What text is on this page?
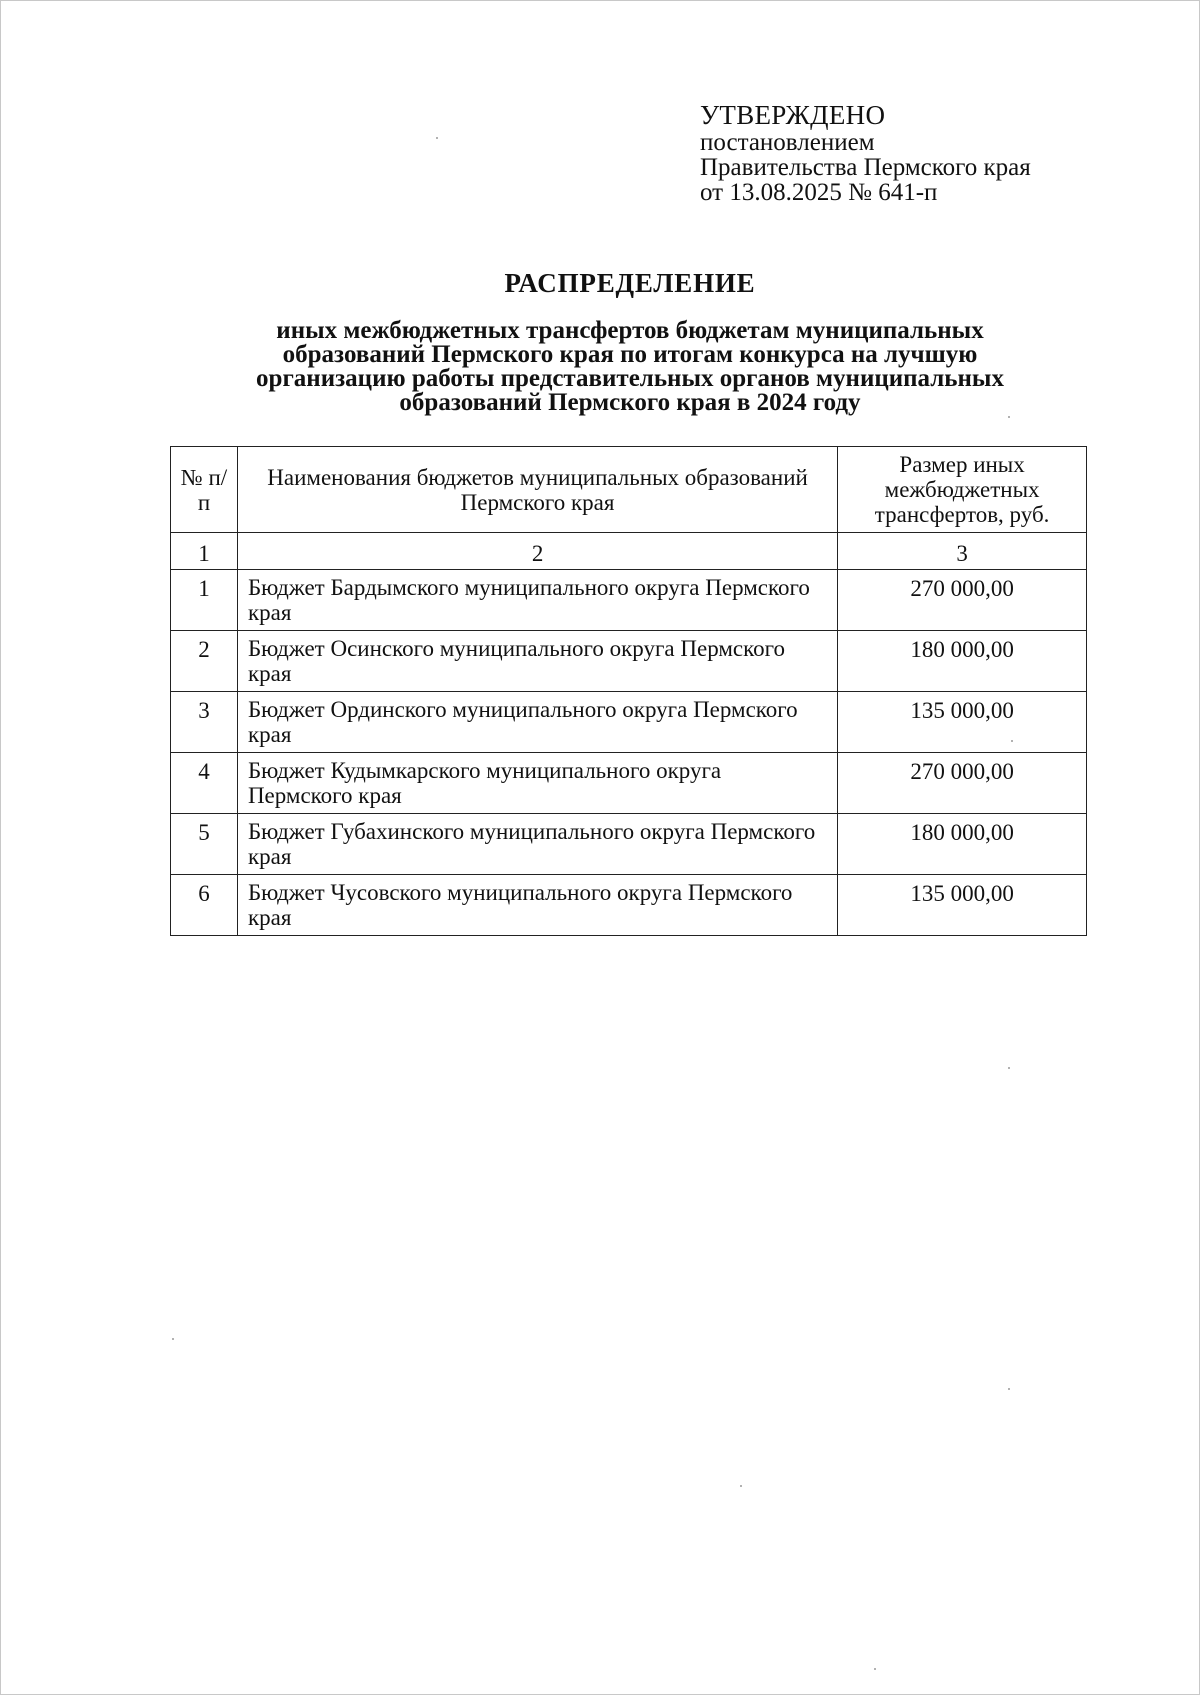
УТВЕРЖДЕНО
постановлением
Правительства Пермского края
от 13.08.2025 № 641-п
РАСПРЕДЕЛЕНИЕ
иных межбюджетных трансфертов бюджетам муниципальных
образований Пермского края по итогам конкурса на лучшую
организацию работы представительных органов муниципальных
образований Пермского края в 2024 году
№ п/п	Наименования бюджетов муниципальных образований Пермского края	Размер иных межбюджетных трансфертов, руб.
1	2	3
1	Бюджет Бардымского муниципального округа Пермского края	270 000,00
2	Бюджет Осинского муниципального округа Пермского края	180 000,00
3	Бюджет Ординского муниципального округа Пермского края	135 000,00
4	Бюджет Кудымкарского муниципального округа Пермского края	270 000,00
5	Бюджет Губахинского муниципального округа Пермского края	180 000,00
6	Бюджет Чусовского муниципального округа Пермского края	135 000,00
